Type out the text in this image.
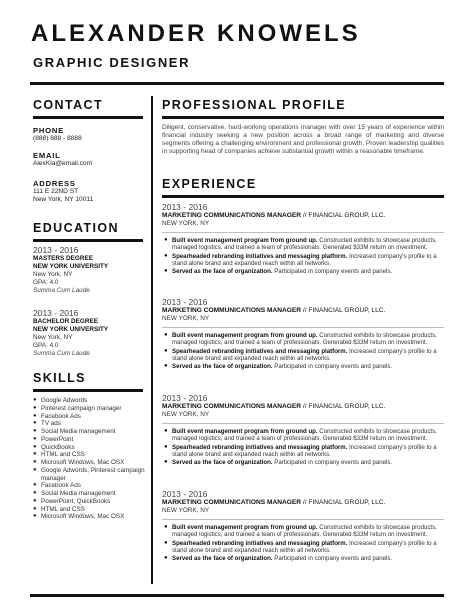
ALEXANDER KNOWELS
GRAPHIC DESIGNER
CONTACT
PHONE
(888) 888 - 8888
EMAIL
AlexKla@email.com
ADDRESS
111 E 22ND ST
New York, NY 10011
EDUCATION
2013 - 2016
MASTERS DEGREE
NEW YORK UNIVERSITY
New York, NY
GPA: 4.0
Summa Cum Laude
2013 - 2016
BACHELOR DEGREE
NEW YORK UNIVERSITY
New York, NY
GPA: 4.0
Summa Cum Laude
SKILLS
● Google Adwords
● Pinterest campaign manager
● Facebook Ads
● TV ads
● Social Media management
● PowerPoint
● QuickBooks
● HTML and CSS
● Microsoft Windows, Mac OSX
● Google Adwords, Pinterest campaign manager
● Facebook Ads
● Social Media management
● PowerPoint, QuickBooks
● HTML and CSS
● Microsoft Windows, Mac OSX
PROFESSIONAL PROFILE
Diligent, conservative, hard-working operations manager with over 15 years of experience within financial industry seeking a new position across a broad range of marketing and diverse segments offering a challenging environment and professional growth. Proven leadership qualities in supporting head of companies achieve substantial growth within a reasonable timeframe.
EXPERIENCE
2013 - 2016
MARKETING COMMUNICATIONS MANAGER // FINANCIAL GROUP, LLC.
NEW YORK, NY
● Built event management program from ground up. Constructed exhibits to showcase products, managed logistics, and trained a team of professionals. Generated $33M return on investment.
● Spearheaded rebranding initiatives and messaging platform. Increased company's profile to a stand alone brand and expanded reach within all networks.
● Served as the face of organization. Participated in company events and panels.
2013 - 2016
MARKETING COMMUNICATIONS MANAGER // FINANCIAL GROUP, LLC.
NEW YORK, NY
● Built event management program from ground up. Constructed exhibits to showcase products, managed logistics, and trained a team of professionals. Generated $33M return on investment.
● Spearheaded rebranding initiatives and messaging platform. Increased company's profile to a stand alone brand and expanded reach within all networks.
● Served as the face of organization. Participated in company events and panels.
2013 - 2016
MARKETING COMMUNICATIONS MANAGER // FINANCIAL GROUP, LLC.
NEW YORK, NY
● Built event management program from ground up. Constructed exhibits to showcase products, managed logistics, and trained a team of professionals. Generated $33M return on investment.
● Spearheaded rebranding initiatives and messaging platform. Increased company's profile to a stand alone brand and expanded reach within all networks.
● Served as the face of organization. Participated in company events and panels.
2013 - 2016
MARKETING COMMUNICATIONS MANAGER // FINANCIAL GROUP, LLC.
NEW YORK, NY
● Built event management program from ground up. Constructed exhibits to showcase products, managed logistics, and trained a team of professionals. Generated $33M return on investment.
● Spearheaded rebranding initiatives and messaging platform. Increased company's profile to a stand alone brand and expanded reach within all networks.
● Served as the face of organization. Participated in company events and panels.
